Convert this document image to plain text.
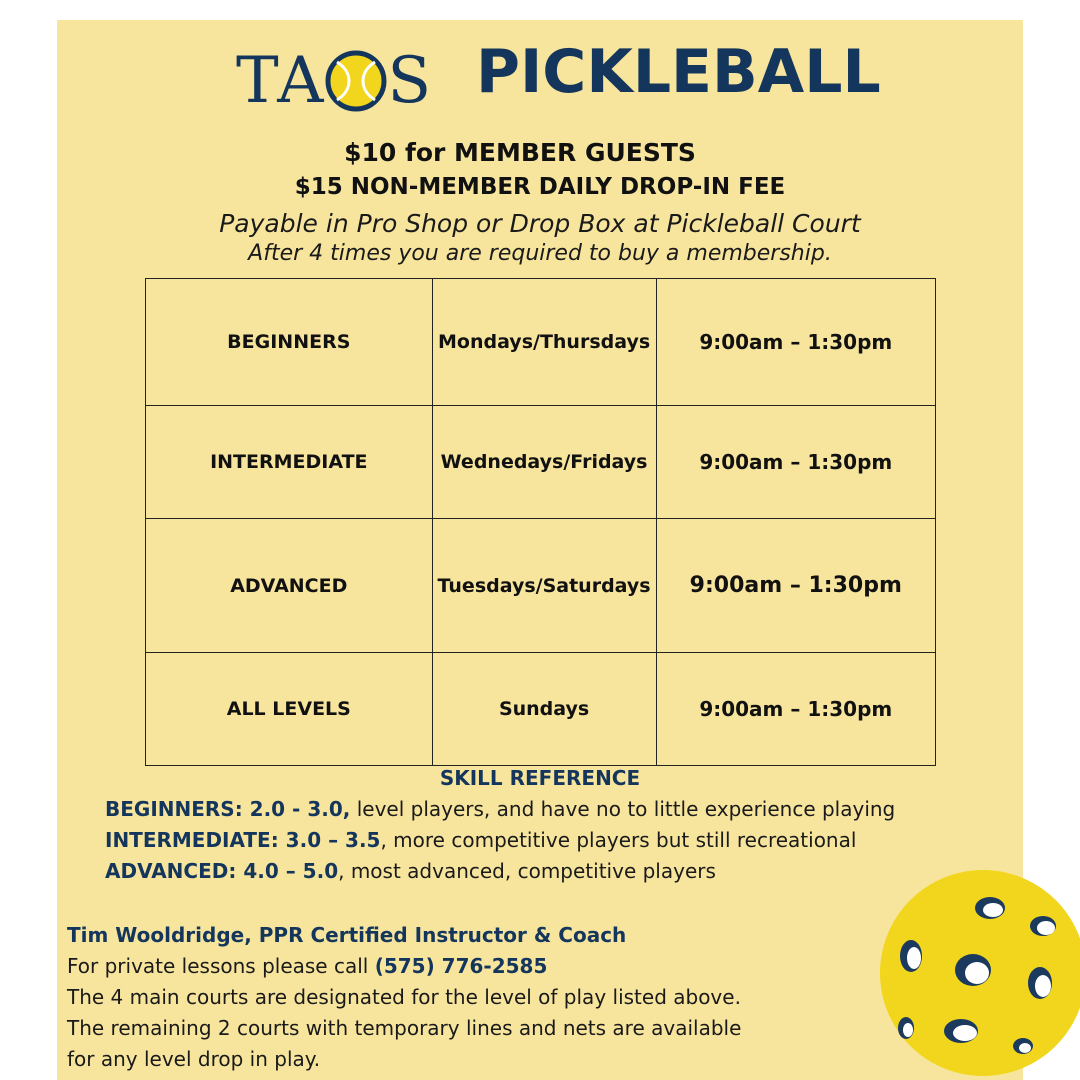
TA S PICKLEBALL
$10 for MEMBER GUESTS
$15 NON-MEMBER DAILY DROP-IN FEE
Payable in Pro Shop or Drop Box at Pickleball Court
After 4 times you are required to buy a membership.
BEGINNERS	Mondays/Thursdays	9:00am – 1:30pm
INTERMEDIATE	Wednedays/Fridays	9:00am – 1:30pm
ADVANCED	Tuesdays/Saturdays	9:00am – 1:30pm
ALL LEVELS	Sundays	9:00am – 1:30pm
SKILL REFERENCE
BEGINNERS: 2.0 - 3.0, level players, and have no to little experience playing
INTERMEDIATE: 3.0 – 3.5, more competitive players but still recreational
ADVANCED: 4.0 – 5.0, most advanced, competitive players
Tim Wooldridge, PPR Certified Instructor & Coach
For private lessons please call (575) 776-2585
The 4 main courts are designated for the level of play listed above.
The remaining 2 courts with temporary lines and nets are available
for any level drop in play.
